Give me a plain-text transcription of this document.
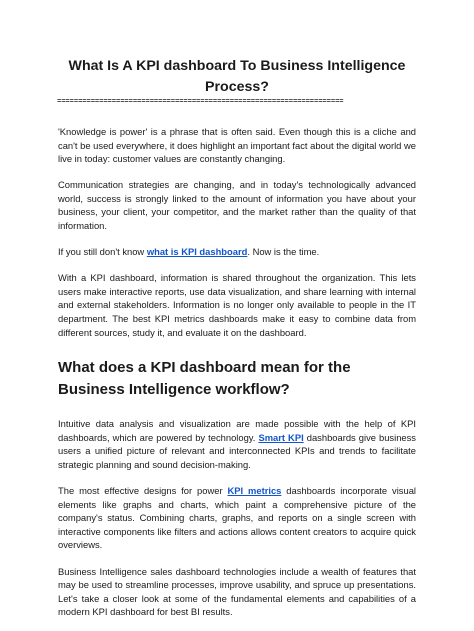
What Is A KPI dashboard To Business Intelligence Process?
====================================================================

'Knowledge is power' is a phrase that is often said. Even though this is a cliche and can't be used everywhere, it does highlight an important fact about the digital world we live in today: customer values are constantly changing.

Communication strategies are changing, and in today's technologically advanced world, success is strongly linked to the amount of information you have about your business, your client, your competitor, and the market rather than the quality of that information.

If you still don't know what is KPI dashboard. Now is the time.

With a KPI dashboard, information is shared throughout the organization. This lets users make interactive reports, use data visualization, and share learning with internal and external stakeholders. Information is no longer only available to people in the IT department. The best KPI metrics dashboards make it easy to combine data from different sources, study it, and evaluate it on the dashboard.

What does a KPI dashboard mean for the Business Intelligence workflow?

Intuitive data analysis and visualization are made possible with the help of KPI dashboards, which are powered by technology. Smart KPI dashboards give business users a unified picture of relevant and interconnected KPIs and trends to facilitate strategic planning and sound decision-making.

The most effective designs for power KPI metrics dashboards incorporate visual elements like graphs and charts, which paint a comprehensive picture of the company's status. Combining charts, graphs, and reports on a single screen with interactive components like filters and actions allows content creators to acquire quick overviews.

Business Intelligence sales dashboard technologies include a wealth of features that may be used to streamline processes, improve usability, and spruce up presentations. Let's take a closer look at some of the fundamental elements and capabilities of a modern KPI dashboard for best BI results.
